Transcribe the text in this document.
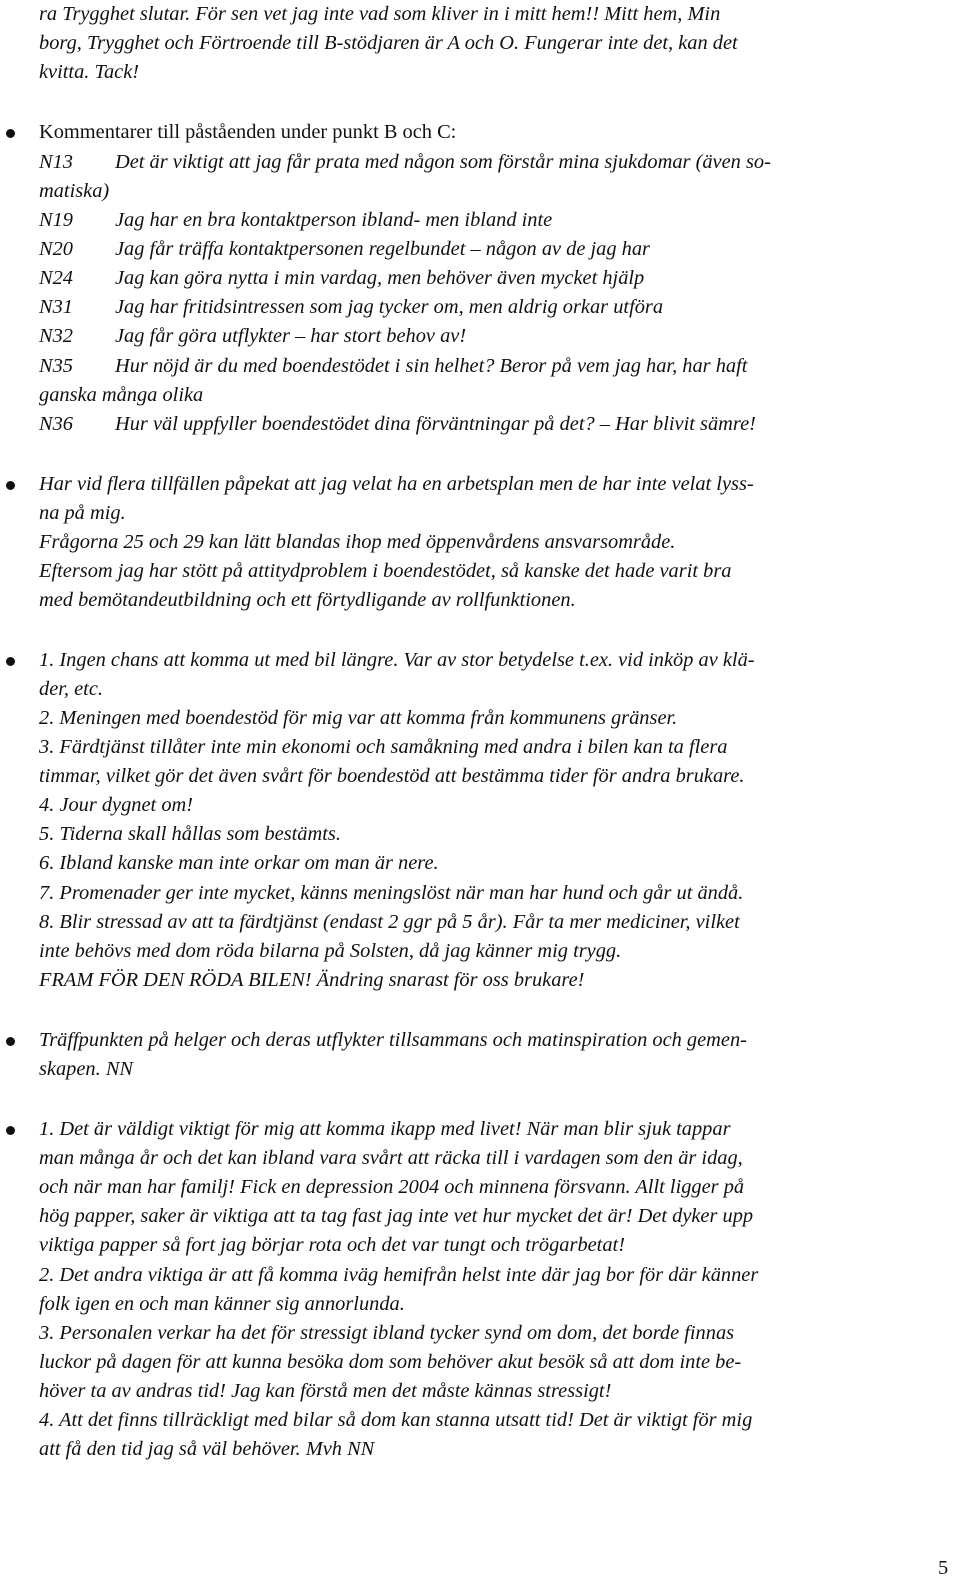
ra Trygghet slutar. För sen vet jag inte vad som kliver in i mitt hem!! Mitt hem, Min
borg, Trygghet och Förtroende till B-stödjaren är A och O. Fungerar inte det, kan det
kvitta. Tack!
Kommentarer till påståenden under punkt B och C:
N13 Det är viktigt att jag får prata med någon som förstår mina sjukdomar (även so-
matiska)
N19 Jag har en bra kontaktperson ibland- men ibland inte
N20 Jag får träffa kontaktpersonen regelbundet – någon av de jag har
N24 Jag kan göra nytta i min vardag, men behöver även mycket hjälp
N31 Jag har fritidsintressen som jag tycker om, men aldrig orkar utföra
N32 Jag får göra utflykter – har stort behov av!
N35 Hur nöjd är du med boendestödet i sin helhet? Beror på vem jag har, har haft
ganska många olika
N36 Hur väl uppfyller boendestödet dina förväntningar på det? – Har blivit sämre!
Har vid flera tillfällen påpekat att jag velat ha en arbetsplan men de har inte velat lyss-
na på mig.
Frågorna 25 och 29 kan lätt blandas ihop med öppenvårdens ansvarsområde.
Eftersom jag har stött på attitydproblem i boendestödet, så kanske det hade varit bra
med bemötandeutbildning och ett förtydligande av rollfunktionen.
1. Ingen chans att komma ut med bil längre. Var av stor betydelse t.ex. vid inköp av klä-
der, etc.
2. Meningen med boendestöd för mig var att komma från kommunens gränser.
3. Färdtjänst tillåter inte min ekonomi och samåkning med andra i bilen kan ta flera
timmar, vilket gör det även svårt för boendestöd att bestämma tider för andra brukare.
4. Jour dygnet om!
5. Tiderna skall hållas som bestämts.
6. Ibland kanske man inte orkar om man är nere.
7. Promenader ger inte mycket, känns meningslöst när man har hund och går ut ändå.
8. Blir stressad av att ta färdtjänst (endast 2 ggr på 5 år). Får ta mer mediciner, vilket
inte behövs med dom röda bilarna på Solsten, då jag känner mig trygg.
FRAM FÖR DEN RÖDA BILEN! Ändring snarast för oss brukare!
Träffpunkten på helger och deras utflykter tillsammans och matinspiration och gemen-
skapen. NN
1. Det är väldigt viktigt för mig att komma ikapp med livet! När man blir sjuk tappar
man många år och det kan ibland vara svårt att räcka till i vardagen som den är idag,
och när man har familj! Fick en depression 2004 och minnena försvann. Allt ligger på
hög papper, saker är viktiga att ta tag fast jag inte vet hur mycket det är! Det dyker upp
viktiga papper så fort jag börjar rota och det var tungt och trögarbetat!
2. Det andra viktiga är att få komma iväg hemifrån helst inte där jag bor för där känner
folk igen en och man känner sig annorlunda.
3. Personalen verkar ha det för stressigt ibland tycker synd om dom, det borde finnas
luckor på dagen för att kunna besöka dom som behöver akut besök så att dom inte be-
höver ta av andras tid! Jag kan förstå men det måste kännas stressigt!
4. Att det finns tillräckligt med bilar så dom kan stanna utsatt tid! Det är viktigt för mig
att få den tid jag så väl behöver. Mvh NN
5
